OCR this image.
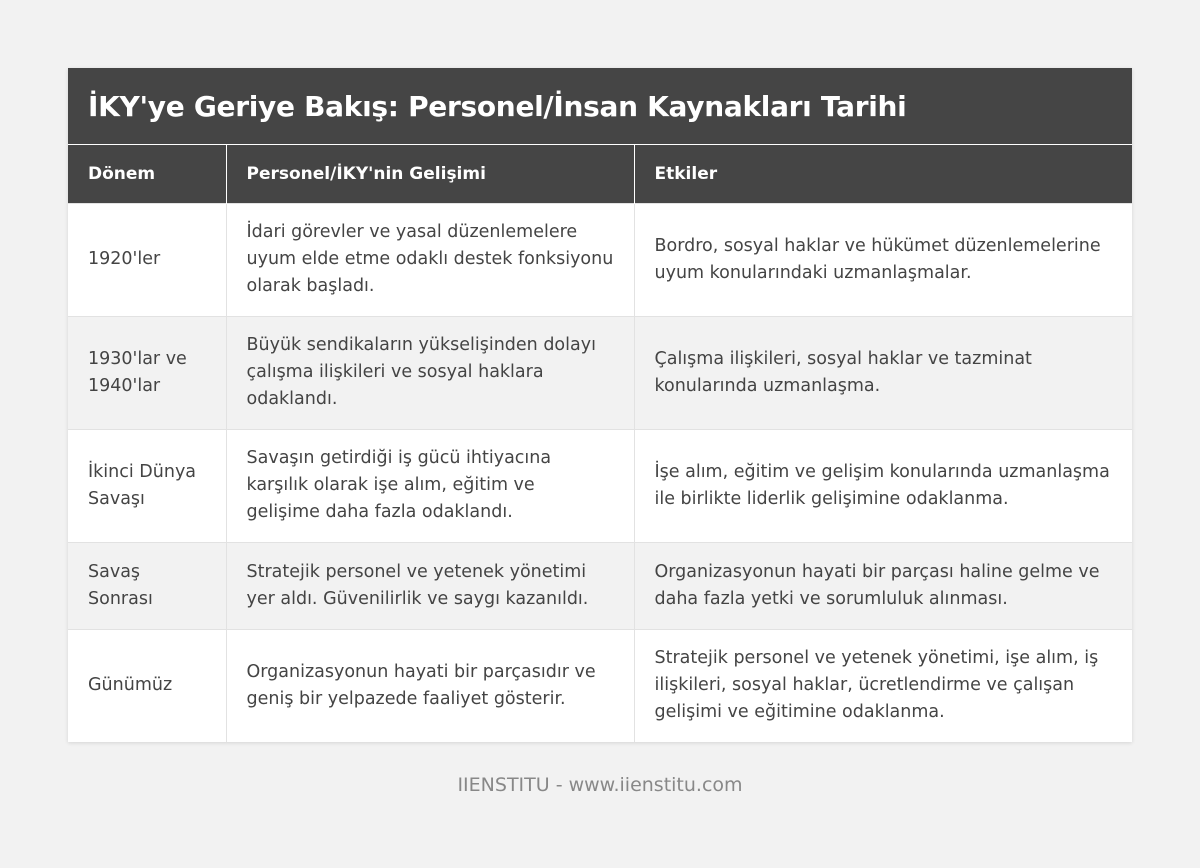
İKY'ye Geriye Bakış: Personel/İnsan Kaynakları Tarihi
Dönem	Personel/İKY'nin Gelişimi	Etkiler
1920'ler	İdari görevler ve yasal düzenlemelere uyum elde etme odaklı destek fonksiyonu olarak başladı.	Bordro, sosyal haklar ve hükümet düzenlemelerine uyum konularındaki uzmanlaşmalar.
1930'lar ve 1940'lar	Büyük sendikaların yükselişinden dolayı çalışma ilişkileri ve sosyal haklara odaklandı.	Çalışma ilişkileri, sosyal haklar ve tazminat konularında uzmanlaşma.
İkinci Dünya Savaşı	Savaşın getirdiği iş gücü ihtiyacına karşılık olarak işe alım, eğitim ve gelişime daha fazla odaklandı.	İşe alım, eğitim ve gelişim konularında uzmanlaşma ile birlikte liderlik gelişimine odaklanma.
Savaş Sonrası	Stratejik personel ve yetenek yönetimi yer aldı. Güvenilirlik ve saygı kazanıldı.	Organizasyonun hayati bir parçası haline gelme ve daha fazla yetki ve sorumluluk alınması.
Günümüz	Organizasyonun hayati bir parçasıdır ve geniş bir yelpazede faaliyet gösterir.	Stratejik personel ve yetenek yönetimi, işe alım, iş ilişkileri, sosyal haklar, ücretlendirme ve çalışan gelişimi ve eğitimine odaklanma.
IIENSTITU - www.iienstitu.com
